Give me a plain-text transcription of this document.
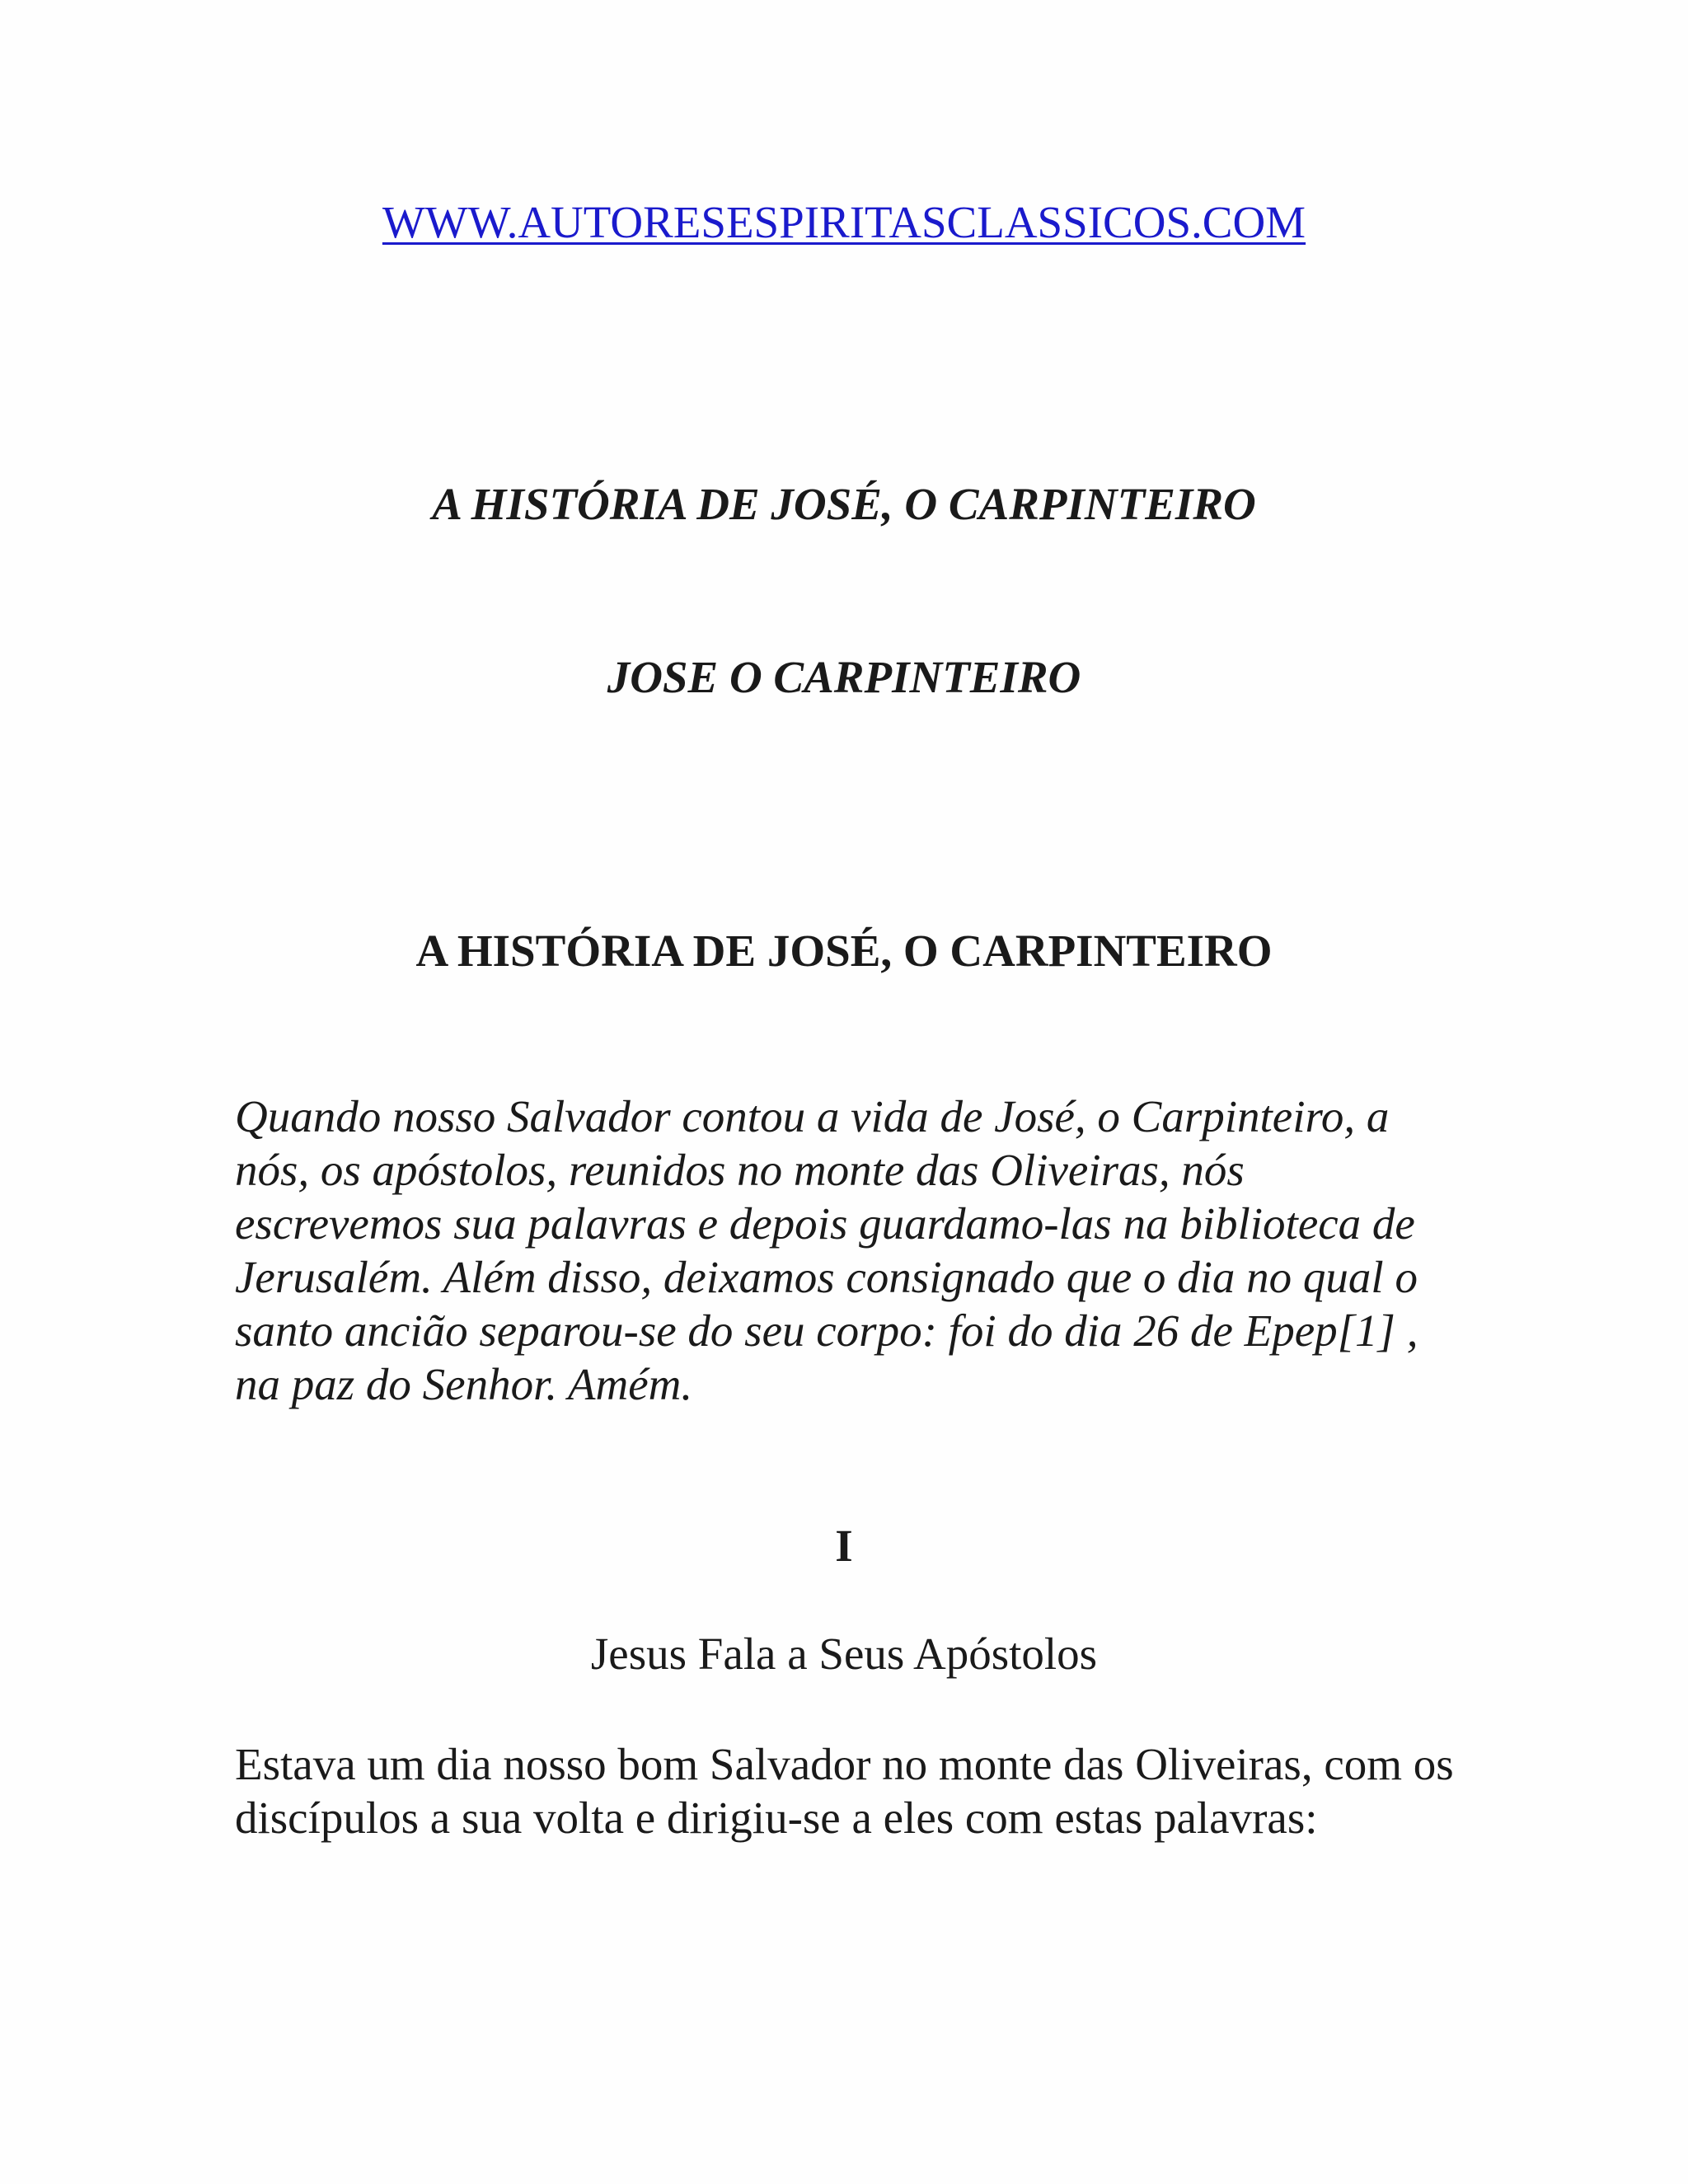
WWW.AUTORESESPIRITASCLASSICOS.COM
A HISTÓRIA DE JOSÉ, O CARPINTEIRO
JOSE O CARPINTEIRO
A HISTÓRIA DE JOSÉ, O CARPINTEIRO

Quando nosso Salvador contou a vida de José, o Carpinteiro, a nós, os apóstolos, reunidos no monte das Oliveiras, nós escrevemos sua palavras e depois guardamo-las na biblioteca de Jerusalém. Além disso, deixamos consignado que o dia no qual o santo ancião separou-se do seu corpo: foi do dia 26 de Epep[1] , na paz do Senhor. Amém.

I
Jesus Fala a Seus Apóstolos

Estava um dia nosso bom Salvador no monte das Oliveiras, com os discípulos a sua volta e dirigiu-se a eles com estas palavras:
